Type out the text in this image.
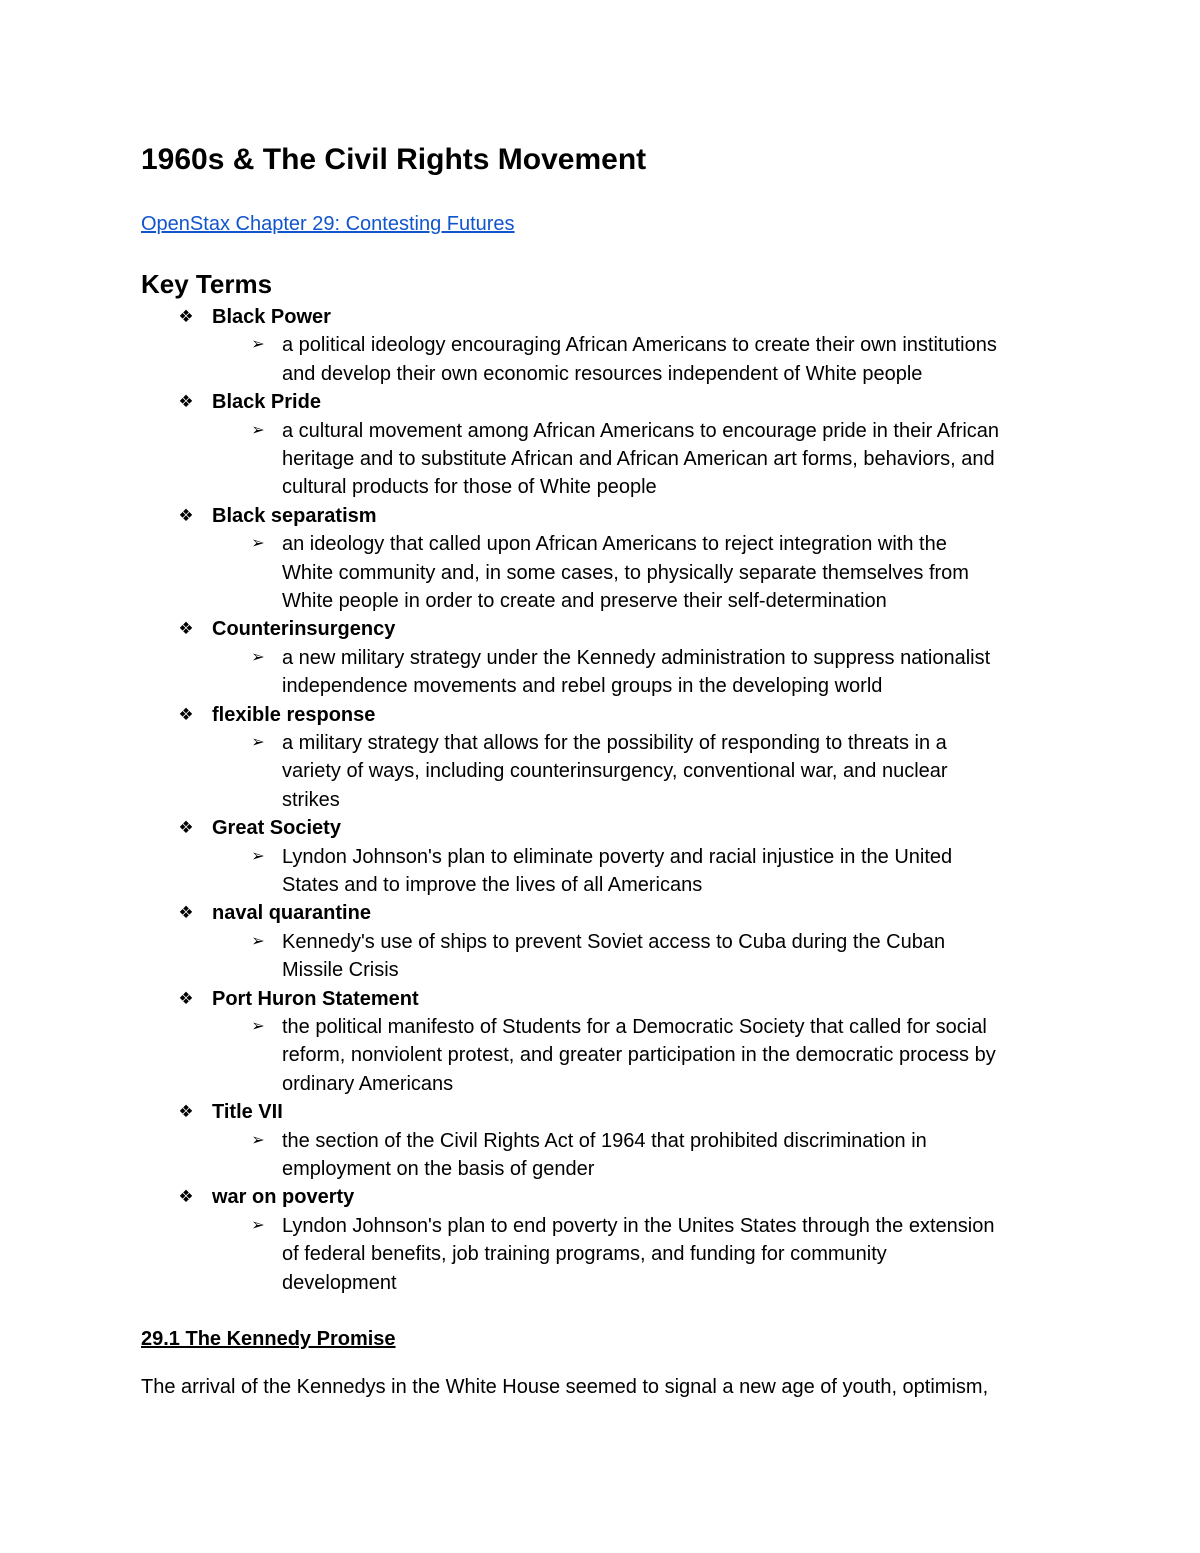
1960s & The Civil Rights Movement
OpenStax Chapter 29: Contesting Futures
Key Terms
❖ Black Power
➢ a political ideology encouraging African Americans to create their own institutions
and develop their own economic resources independent of White people
❖ Black Pride
➢ a cultural movement among African Americans to encourage pride in their African
heritage and to substitute African and African American art forms, behaviors, and
cultural products for those of White people
❖ Black separatism
➢ an ideology that called upon African Americans to reject integration with the
White community and, in some cases, to physically separate themselves from
White people in order to create and preserve their self-determination
❖ Counterinsurgency
➢ a new military strategy under the Kennedy administration to suppress nationalist
independence movements and rebel groups in the developing world
❖ flexible response
➢ a military strategy that allows for the possibility of responding to threats in a
variety of ways, including counterinsurgency, conventional war, and nuclear
strikes
❖ Great Society
➢ Lyndon Johnson's plan to eliminate poverty and racial injustice in the United
States and to improve the lives of all Americans
❖ naval quarantine
➢ Kennedy's use of ships to prevent Soviet access to Cuba during the Cuban
Missile Crisis
❖ Port Huron Statement
➢ the political manifesto of Students for a Democratic Society that called for social
reform, nonviolent protest, and greater participation in the democratic process by
ordinary Americans
❖ Title VII
➢ the section of the Civil Rights Act of 1964 that prohibited discrimination in
employment on the basis of gender
❖ war on poverty
➢ Lyndon Johnson's plan to end poverty in the Unites States through the extension
of federal benefits, job training programs, and funding for community
development
29.1 The Kennedy Promise

The arrival of the Kennedys in the White House seemed to signal a new age of youth, optimism,
